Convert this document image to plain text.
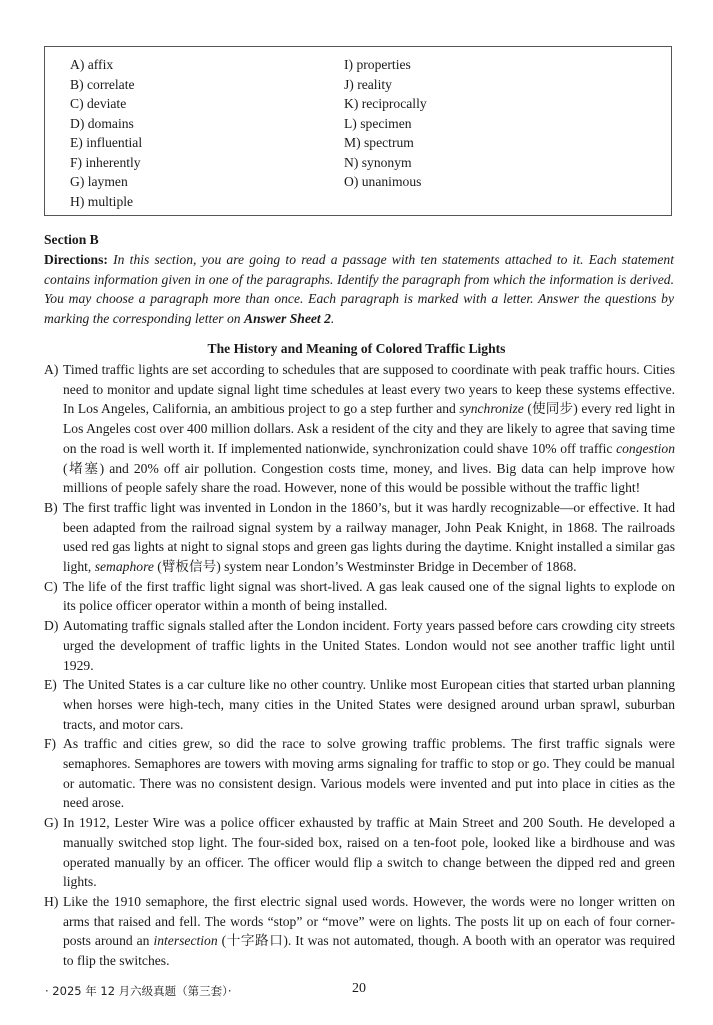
A) affix
B) correlate
C) deviate
D) domains
E) influential
F) inherently
G) laymen
H) multiple
I) properties
J) reality
K) reciprocally
L) specimen
M) spectrum
N) synonym
O) unanimous
Section B
Directions: In this section, you are going to read a passage with ten statements attached to it. Each statement contains information given in one of the paragraphs. Identify the paragraph from which the information is derived. You may choose a paragraph more than once. Each paragraph is marked with a letter. Answer the questions by marking the corresponding letter on Answer Sheet 2.
The History and Meaning of Colored Traffic Lights
A) Timed traffic lights are set according to schedules that are supposed to coordinate with peak traffic hours. Cities need to monitor and update signal light time schedules at least every two years to keep these systems effective. In Los Angeles, California, an ambitious project to go a step further and synchronize (使同步) every red light in Los Angeles cost over 400 million dollars. Ask a resident of the city and they are likely to agree that saving time on the road is well worth it. If implemented nationwide, synchronization could shave 10% off traffic congestion (堵塞) and 20% off air pollution. Congestion costs time, money, and lives. Big data can help improve how millions of people safely share the road. However, none of this would be possible without the traffic light!
B) The first traffic light was invented in London in the 1860’s, but it was hardly recognizable—or effective. It had been adapted from the railroad signal system by a railway manager, John Peak Knight, in 1868. The railroads used red gas lights at night to signal stops and green gas lights during the daytime. Knight installed a similar gas light, semaphore (臂板信号) system near London’s Westminster Bridge in December of 1868.
C) The life of the first traffic light signal was short-lived. A gas leak caused one of the signal lights to explode on its police officer operator within a month of being installed.
D) Automating traffic signals stalled after the London incident. Forty years passed before cars crowding city streets urged the development of traffic lights in the United States. London would not see another traffic light until 1929.
E) The United States is a car culture like no other country. Unlike most European cities that started urban planning when horses were high-tech, many cities in the United States were designed around urban sprawl, suburban tracts, and motor cars.
F) As traffic and cities grew, so did the race to solve growing traffic problems. The first traffic signals were semaphores. Semaphores are towers with moving arms signaling for traffic to stop or go. They could be manual or automatic. There was no consistent design. Various models were invented and put into place in cities as the need arose.
G) In 1912, Lester Wire was a police officer exhausted by traffic at Main Street and 200 South. He developed a manually switched stop light. The four-sided box, raised on a ten-foot pole, looked like a birdhouse and was operated manually by an officer. The officer would flip a switch to change between the dipped red and green lights.
H) Like the 1910 semaphore, the first electric signal used words. However, the words were no longer written on arms that raised and fell. The words “stop” or “move” were on lights. The posts lit up on each of four corner-posts around an intersection (十字路口). It was not automated, though. A booth with an operator was required to flip the switches.
· 2025 年 12 月六级真题（第三套）·	20
